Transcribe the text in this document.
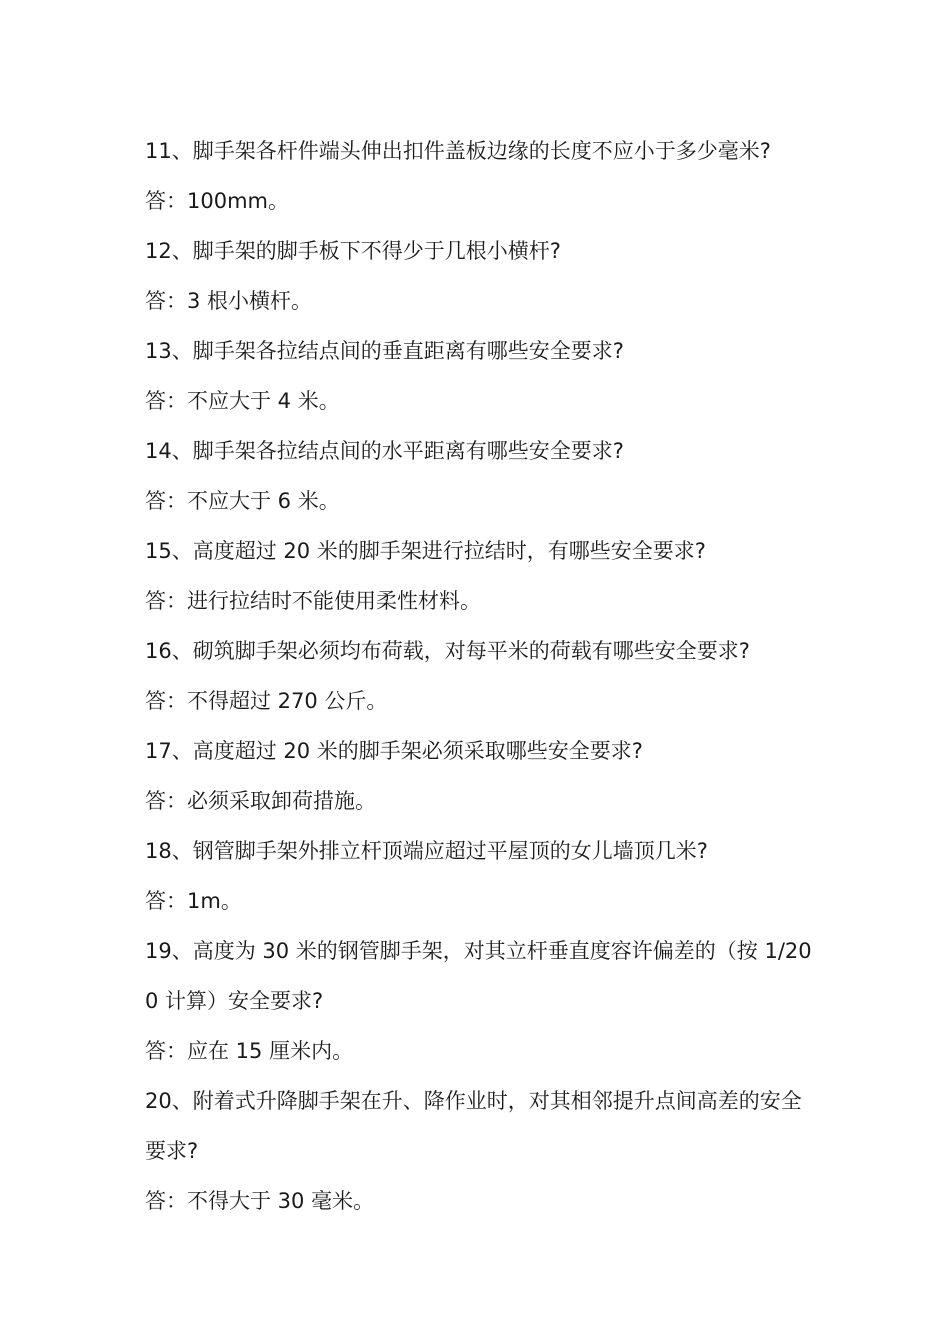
11、脚手架各杆件端头伸出扣件盖板边缘的长度不应小于多少毫米?

答：100mm。

12、脚手架的脚手板下不得少于几根小横杆?

答：3 根小横杆。

13、脚手架各拉结点间的垂直距离有哪些安全要求?

答：不应大于 4 米。

14、脚手架各拉结点间的水平距离有哪些安全要求?

答：不应大于 6 米。

15、高度超过 20 米的脚手架进行拉结时，有哪些安全要求?

答：进行拉结时不能使用柔性材料。

16、砌筑脚手架必须均布荷载，对每平米的荷载有哪些安全要求?

答：不得超过 270 公斤。

17、高度超过 20 米的脚手架必须采取哪些安全要求?

答：必须采取卸荷措施。

18、钢管脚手架外排立杆顶端应超过平屋顶的女儿墙顶几米?

答：1m。

19、高度为 30 米的钢管脚手架，对其立杆垂直度容许偏差的（按 1/200 计算）安全要求?

答：应在 15 厘米内。

20、附着式升降脚手架在升、降作业时，对其相邻提升点间高差的安全要求?

答：不得大于 30 毫米。
